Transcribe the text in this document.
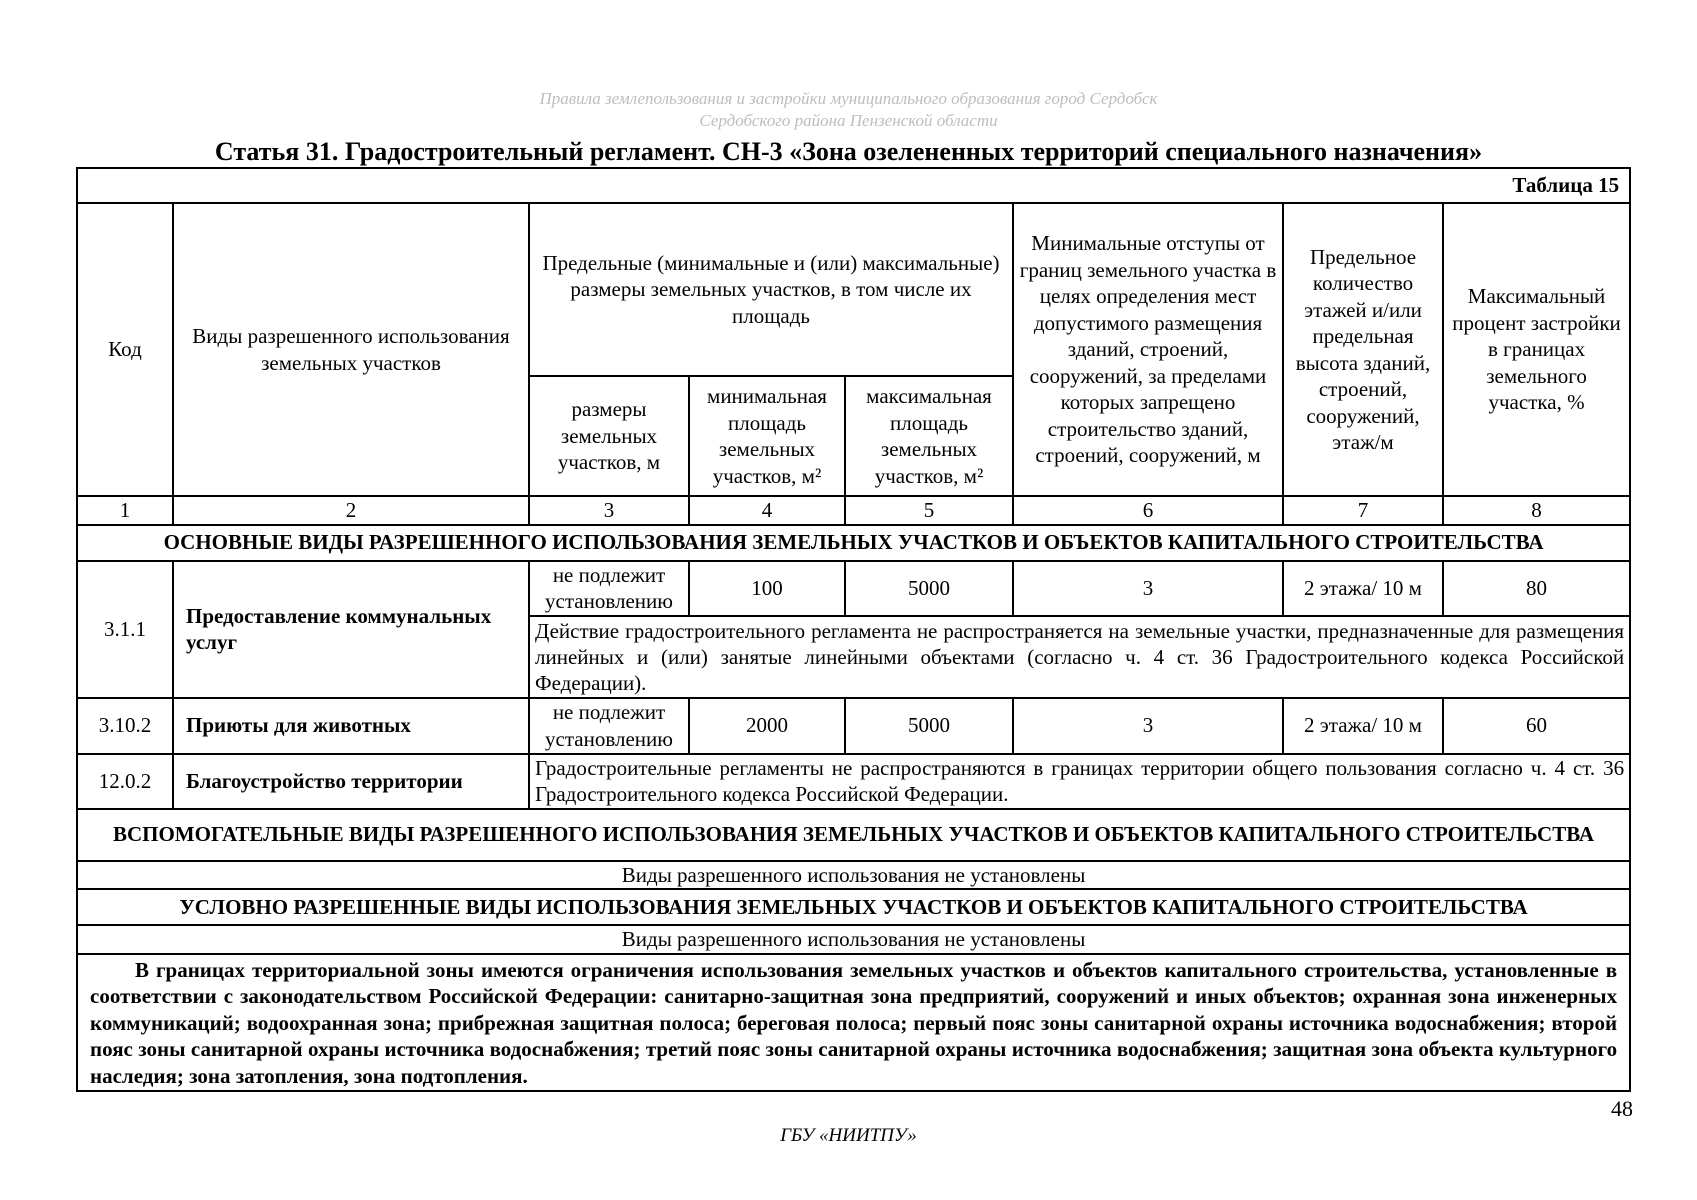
Правила землепользования и застройки муниципального образования город Сердобск
Сердобского района Пензенской области
Статья 31. Градостроительный регламент. СН-3 «Зона озелененных территорий специального назначения»
Таблица 15							
Код	Виды разрешенного использования земельных участков	Предельные (минимальные и (или) максимальные) размеры земельных участков, в том числе их площадь			Минимальные отступы от границ земельного участка в целях определения мест допустимого размещения зданий, строений, сооружений, за пределами которых запрещено строительство зданий, строений, сооружений, м	Предельное количество этажей и/или предельная высота зданий, строений, сооружений, этаж/м	Максимальный процент застройки в границах земельного участка, %
		размеры земельных участков, м	минимальная площадь земельных участков, м²	максимальная площадь земельных участков, м²			
1	2	3	4	5	6	7	8
ОСНОВНЫЕ ВИДЫ РАЗРЕШЕННОГО ИСПОЛЬЗОВАНИЯ ЗЕМЕЛЬНЫХ УЧАСТКОВ И ОБЪЕКТОВ КАПИТАЛЬНОГО СТРОИТЕЛЬСТВА							
3.1.1	Предоставление коммунальных услуг	не подлежит установлению	100	5000	3	2 этажа/ 10 м	80
		Действие градостроительного регламента не распространяется на земельные участки, предназначенные для размещения линейных и (или) занятые линейными объектами (согласно ч. 4 ст. 36 Градостроительного кодекса Российской Федерации).					
3.10.2	Приюты для животных	не подлежит установлению	2000	5000	3	2 этажа/ 10 м	60
12.0.2	Благоустройство территории	Градостроительные регламенты не распространяются в границах территории общего пользования согласно ч. 4 ст. 36 Градостроительного кодекса Российской Федерации.					
ВСПОМОГАТЕЛЬНЫЕ ВИДЫ РАЗРЕШЕННОГО ИСПОЛЬЗОВАНИЯ ЗЕМЕЛЬНЫХ УЧАСТКОВ И ОБЪЕКТОВ КАПИТАЛЬНОГО СТРОИТЕЛЬСТВА							
Виды разрешенного использования не установлены							
УСЛОВНО РАЗРЕШЕННЫЕ ВИДЫ ИСПОЛЬЗОВАНИЯ ЗЕМЕЛЬНЫХ УЧАСТКОВ И ОБЪЕКТОВ КАПИТАЛЬНОГО СТРОИТЕЛЬСТВА							
Виды разрешенного использования не установлены							
В границах территориальной зоны имеются ограничения использования земельных участков и объектов капитального строительства, установленные в соответствии с законодательством Российской Федерации: санитарно-защитная зона предприятий, сооружений и иных объектов; охранная зона инженерных коммуникаций; водоохранная зона; прибрежная защитная полоса; береговая полоса; первый пояс зоны санитарной охраны источника водоснабжения; второй пояс зоны санитарной охраны источника водоснабжения; третий пояс зоны санитарной охраны источника водоснабжения; защитная зона объекта культурного наследия; зона затопления, зона подтопления.							
48
ГБУ «НИИТПУ»
